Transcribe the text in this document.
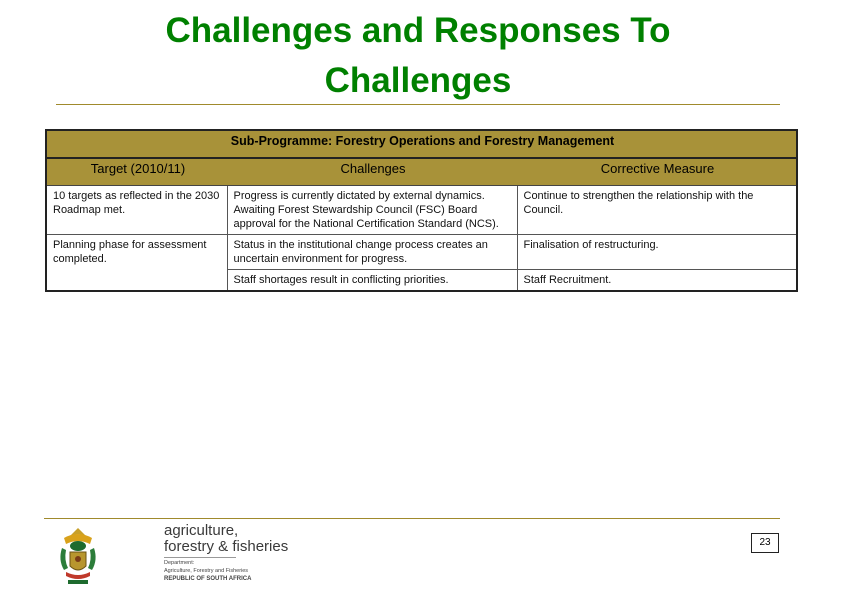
Challenges and Responses To
Challenges
Sub-Programme: Forestry Operations and Forestry Management		
Target (2010/11)	Challenges	Corrective Measure
10 targets as reflected in the 2030 Roadmap met.	Progress is currently dictated by external dynamics. Awaiting Forest Stewardship Council (FSC) Board approval for the National Certification Standard (NCS).	Continue to strengthen the relationship with the Council.
Planning phase for assessment completed.	Status in the institutional change process creates an uncertain environment for progress.	Finalisation of restructuring.
	Staff shortages result in conflicting priorities.	Staff Recruitment.
agriculture,
forestry & fisheries
Department:
Agriculture, Forestry and Fisheries
REPUBLIC OF SOUTH AFRICA
23
